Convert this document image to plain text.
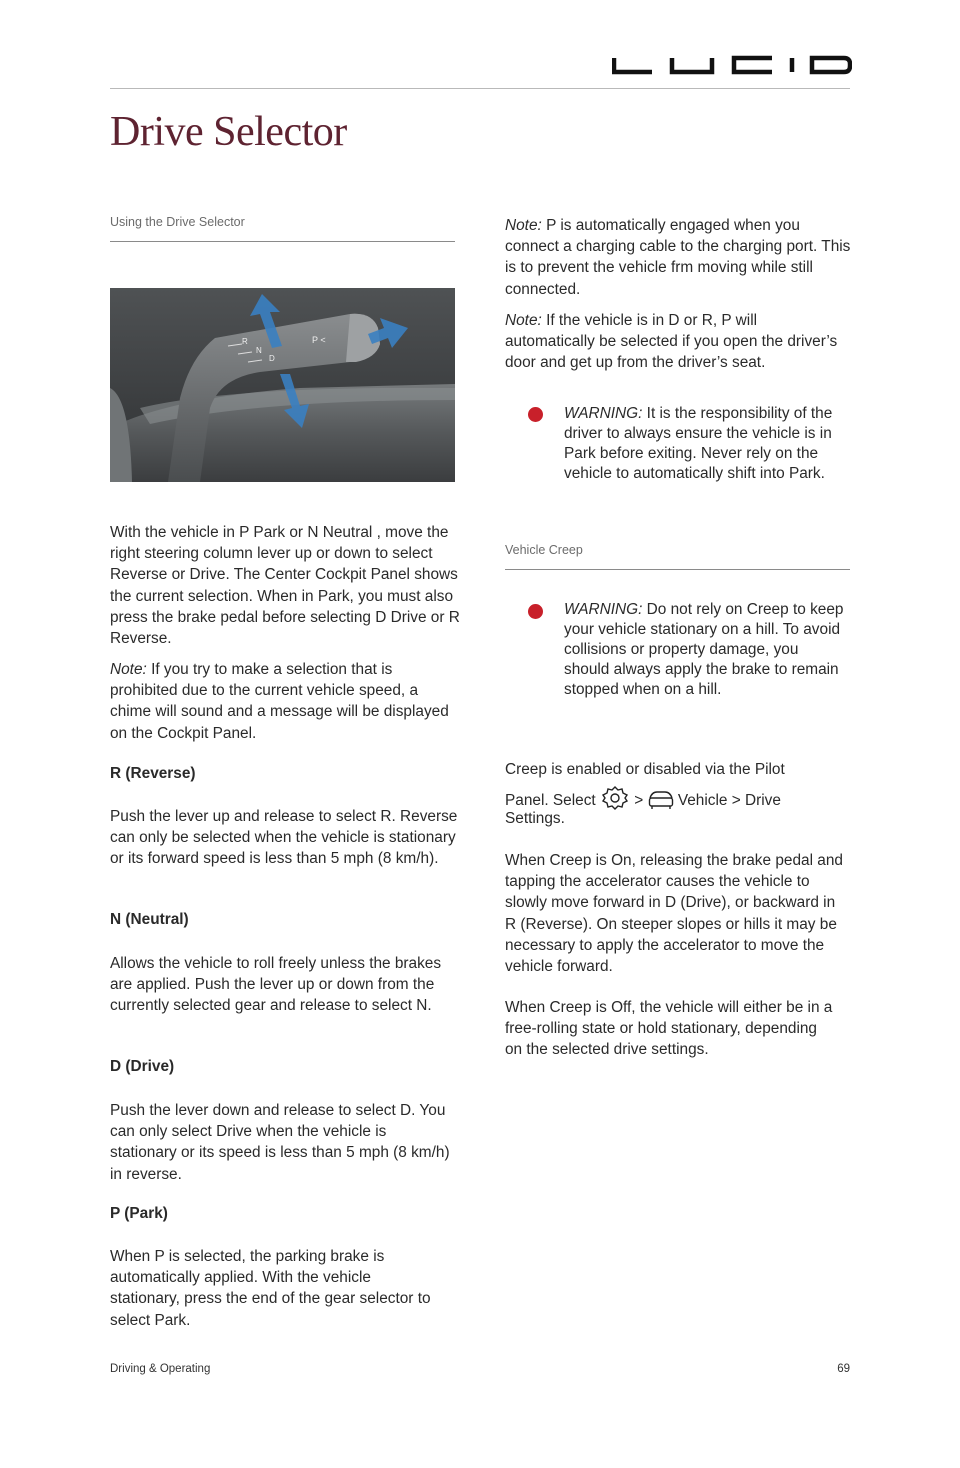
LUCID
Drive Selector
Using the Drive Selector
R
N
D
P <

With the vehicle in P Park or N Neutral , move the right steering column lever up or down to select Reverse or Drive. The Center Cockpit Panel shows the current selection. When in Park, you must also press the brake pedal before selecting D Drive or R Reverse.

Note: If you try to make a selection that is prohibited due to the current vehicle speed, a chime will sound and a message will be displayed on the Cockpit Panel.

R (Reverse)

Push the lever up and release to select R. Reverse can only be selected when the vehicle is stationary or its forward speed is less than 5 mph (8 km/h).

N (Neutral)

Allows the vehicle to roll freely unless the brakes are applied. Push the lever up or down from the currently selected gear and release to select N.

D (Drive)

Push the lever down and release to select D. You can only select Drive when the vehicle is stationary or its speed is less than 5 mph (8 km/h) in reverse.

P (Park)

When P is selected, the parking brake is automatically applied. With the vehicle stationary, press the end of the gear selector to select Park.

Note: P is automatically engaged when you connect a charging cable to the charging port. This is to prevent the vehicle frm moving while still connected.

Note: If the vehicle is in D or R, P will automatically be selected if you open the driver’s door and get up from the driver’s seat.

WARNING: It is the responsibility of the driver to always ensure the vehicle is in Park before exiting. Never rely on the vehicle to automatically shift into Park.

Vehicle Creep

WARNING: Do not rely on Creep to keep your vehicle stationary on a hill. To avoid collisions or property damage, you should always apply the brake to remain stopped when on a hill.

Creep is enabled or disabled via the Pilot
Panel. Select	> Vehicle > Drive
Settings.

When Creep is On, releasing the brake pedal and tapping the accelerator causes the vehicle to slowly move forward in D (Drive), or backward in R (Reverse). On steeper slopes or hills it may be necessary to apply the accelerator to move the vehicle forward.

When Creep is Off, the vehicle will either be in a free-rolling state or hold stationary, depending on the selected drive settings.

Driving & Operating	69
